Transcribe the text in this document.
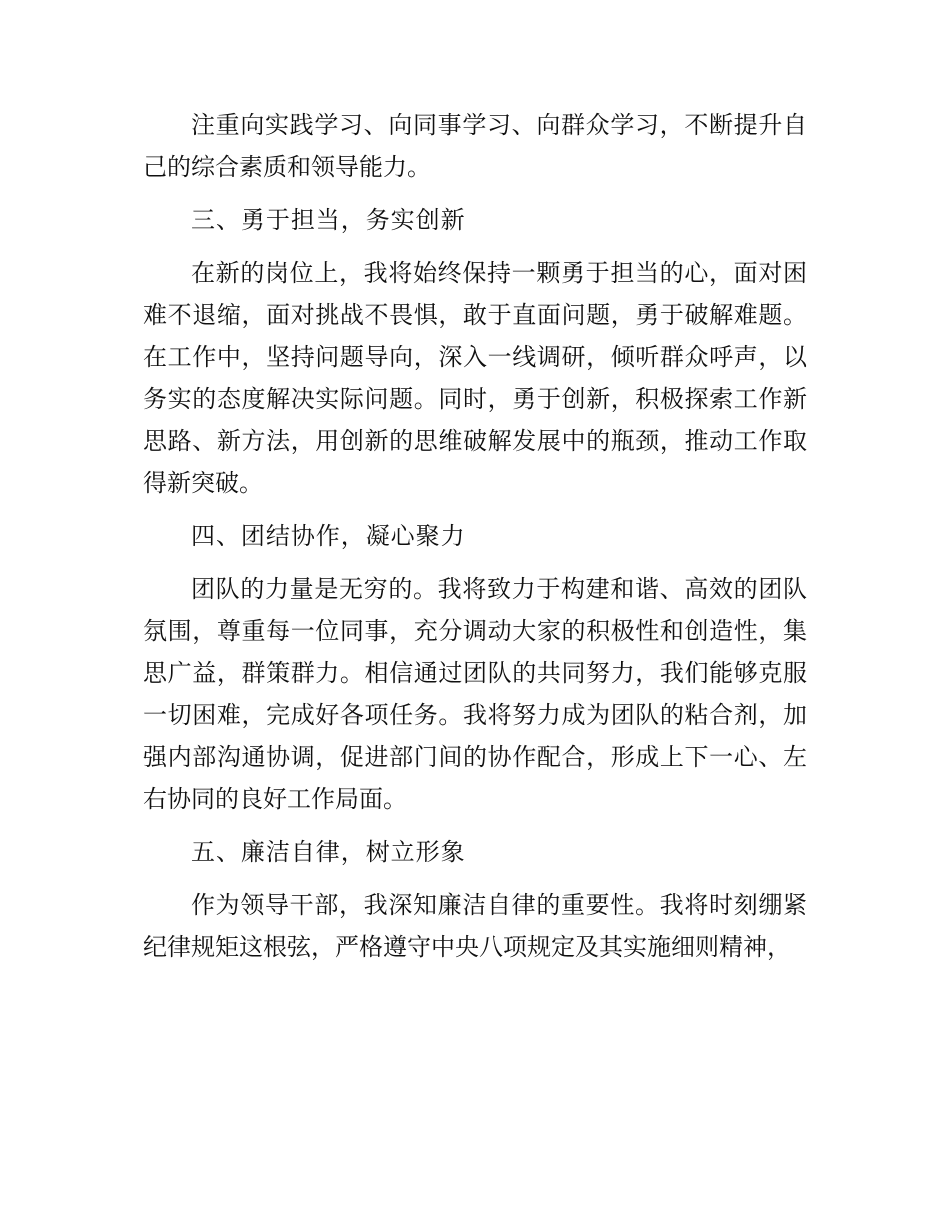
注重向实践学习、向同事学习、向群众学习，不断提升自
己的综合素质和领导能力。
三、勇于担当，务实创新
在新的岗位上，我将始终保持一颗勇于担当的心，面对困
难不退缩，面对挑战不畏惧，敢于直面问题，勇于破解难题。
在工作中，坚持问题导向，深入一线调研，倾听群众呼声，以
务实的态度解决实际问题。同时，勇于创新，积极探索工作新
思路、新方法，用创新的思维破解发展中的瓶颈，推动工作取
得新突破。
四、团结协作，凝心聚力
团队的力量是无穷的。我将致力于构建和谐、高效的团队
氛围，尊重每一位同事，充分调动大家的积极性和创造性，集
思广益，群策群力。相信通过团队的共同努力，我们能够克服
一切困难，完成好各项任务。我将努力成为团队的粘合剂，加
强内部沟通协调，促进部门间的协作配合，形成上下一心、左
右协同的良好工作局面。
五、廉洁自律，树立形象
作为领导干部，我深知廉洁自律的重要性。我将时刻绷紧
纪律规矩这根弦，严格遵守中央八项规定及其实施细则精神，
